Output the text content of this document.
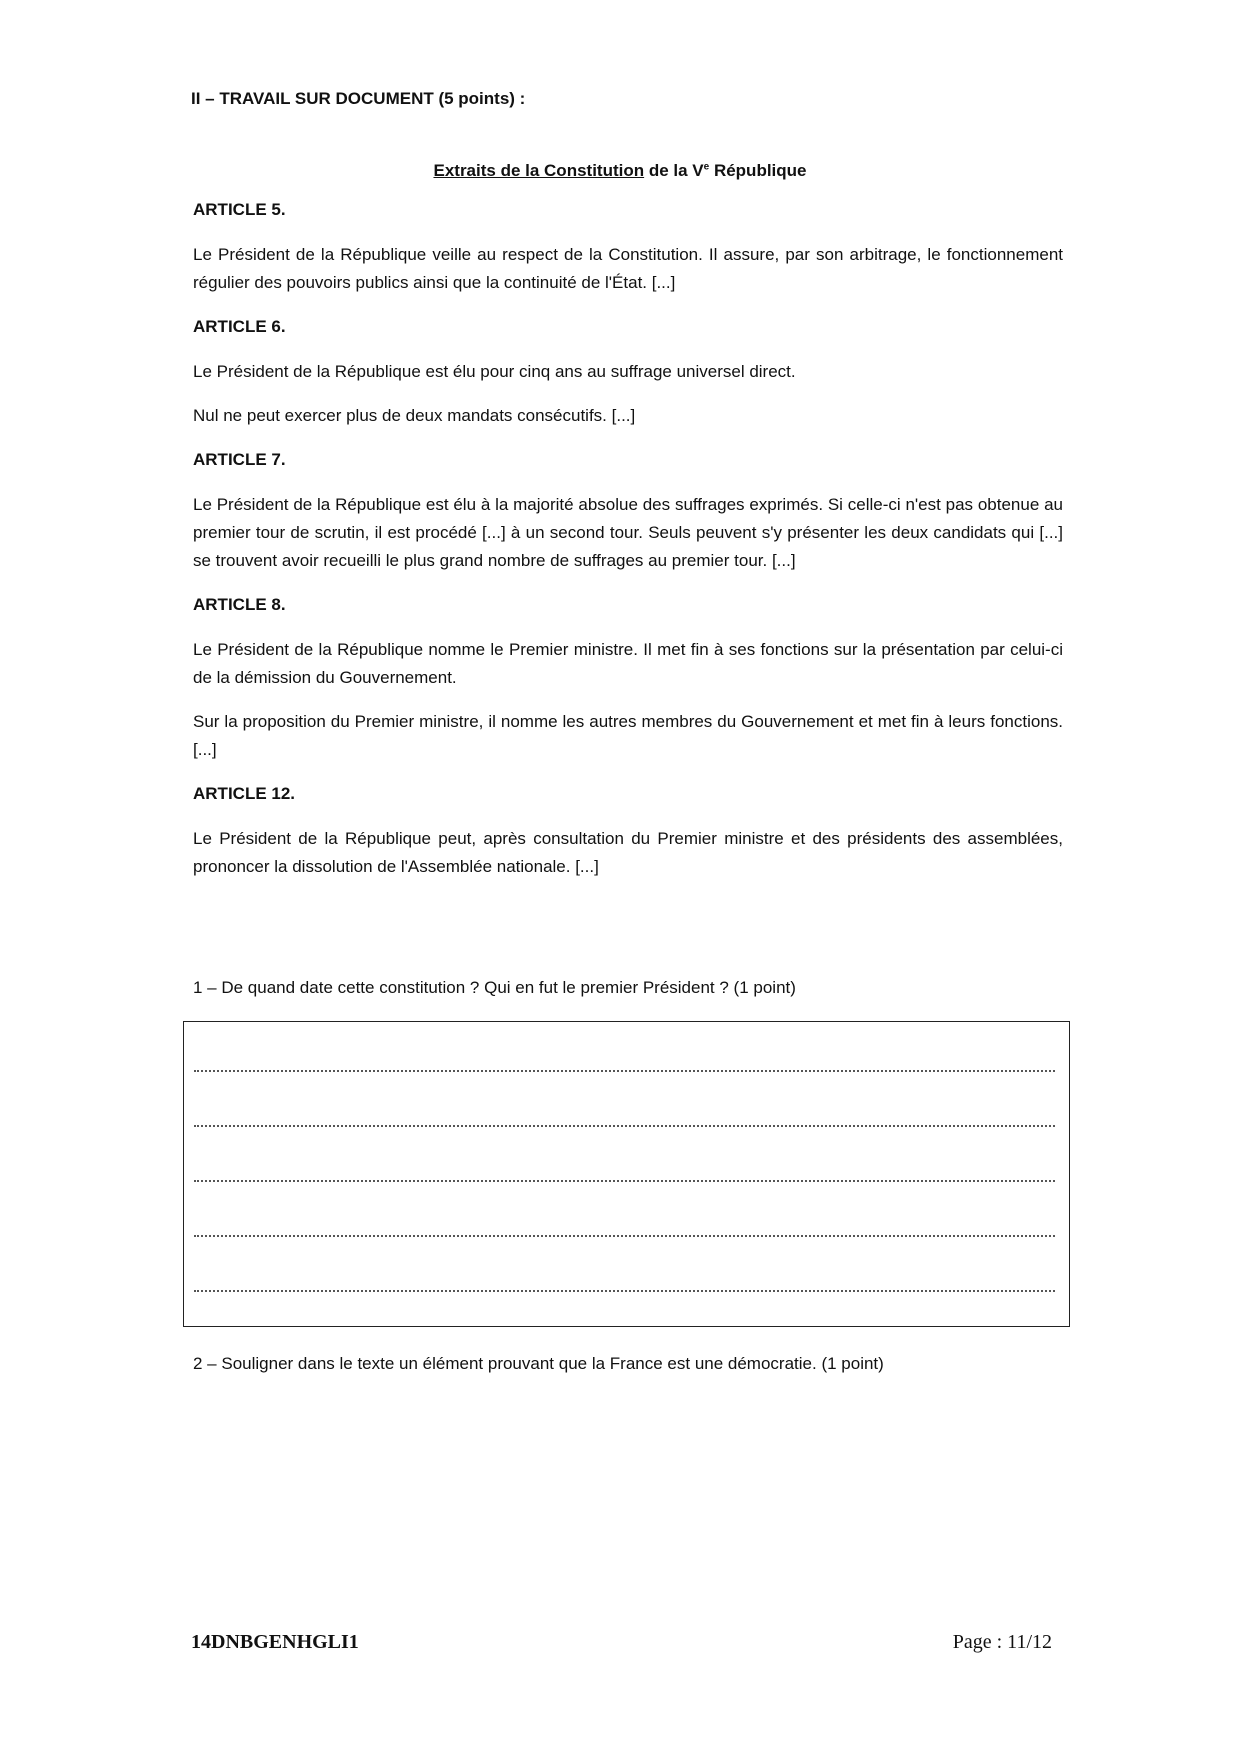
II – TRAVAIL SUR DOCUMENT (5 points) :
Extraits de la Constitution de la Ve République
ARTICLE 5.

Le Président de la République veille au respect de la Constitution. Il assure, par son arbitrage, le fonctionnement régulier des pouvoirs publics ainsi que la continuité de l'État. [...]

ARTICLE 6.

Le Président de la République est élu pour cinq ans au suffrage universel direct.

Nul ne peut exercer plus de deux mandats consécutifs. [...]

ARTICLE 7.

Le Président de la République est élu à la majorité absolue des suffrages exprimés. Si celle-ci n'est pas obtenue au premier tour de scrutin, il est procédé [...] à un second tour. Seuls peuvent s'y présenter les deux candidats qui [...] se trouvent avoir recueilli le plus grand nombre de suffrages au premier tour. [...]

ARTICLE 8.

Le Président de la République nomme le Premier ministre. Il met fin à ses fonctions sur la présentation par celui-ci de la démission du Gouvernement.

Sur la proposition du Premier ministre, il nomme les autres membres du Gouvernement et met fin à leurs fonctions. [...]

ARTICLE 12.

Le Président de la République peut, après consultation du Premier ministre et des présidents des assemblées, prononcer la dissolution de l'Assemblée nationale. [...]

1 – De quand date cette constitution ? Qui en fut le premier Président ? (1 point)
2 – Souligner dans le texte un élément prouvant que la France est une démocratie. (1 point)
14DNBGENHGLI1	Page : 11/12
